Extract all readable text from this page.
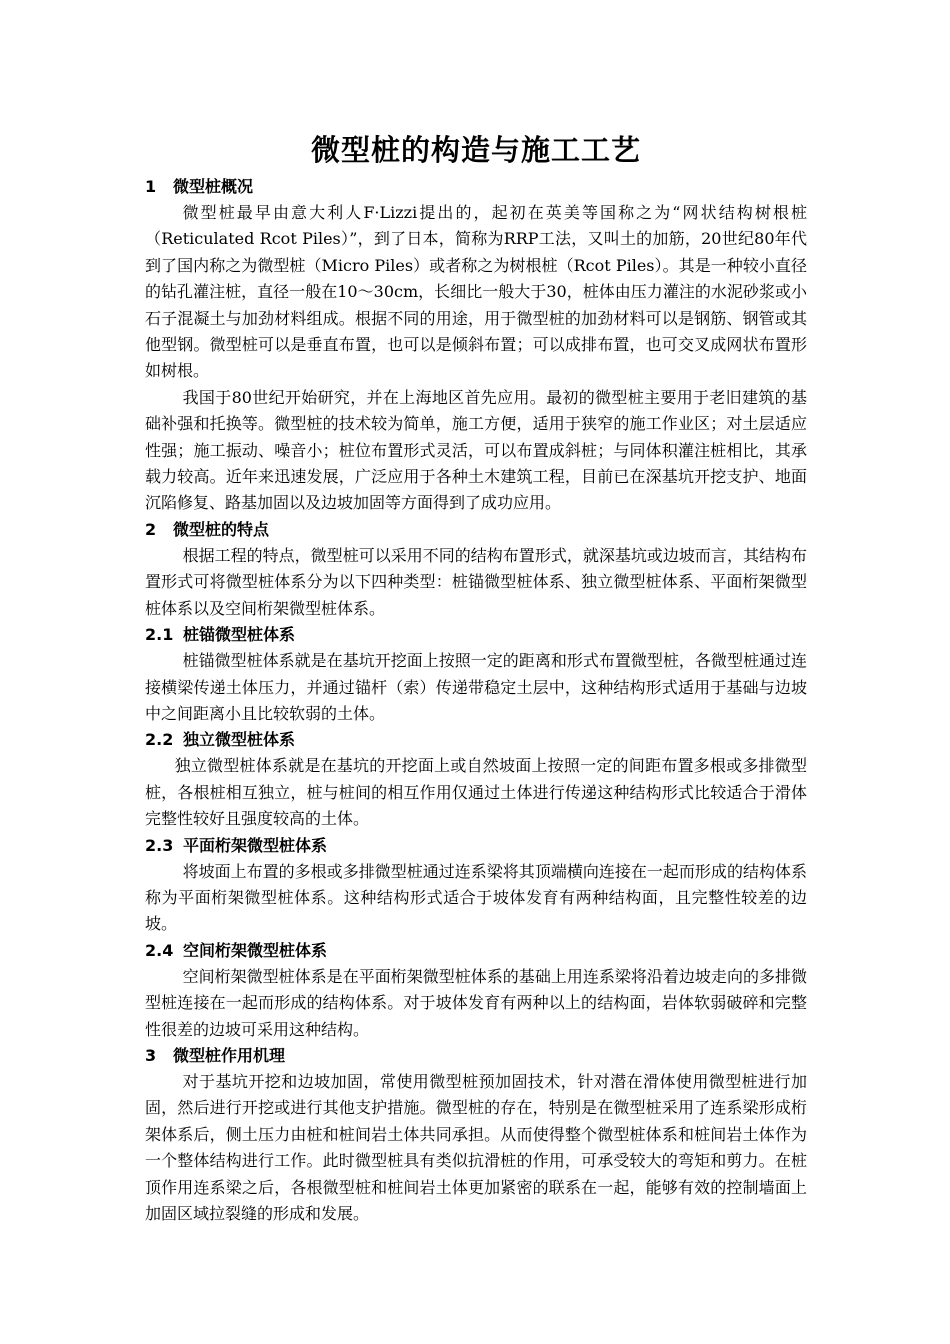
微型桩的构造与施工工艺
1 微型桩概况

微型桩最早由意大利人F·Lizzi提出的，起初在英美等国称之为“网状结构树根桩（Reticulated Rcot Piles）”，到了日本，简称为RRP工法，又叫土的加筋，20世纪80年代到了国内称之为微型桩（Micro Piles）或者称之为树根桩（Rcot Piles）。其是一种较小直径的钻孔灌注桩，直径一般在10～30cm，长细比一般大于30，桩体由压力灌注的水泥砂浆或小石子混凝土与加劲材料组成。根据不同的用途，用于微型桩的加劲材料可以是钢筋、钢管或其他型钢。微型桩可以是垂直布置，也可以是倾斜布置；可以成排布置，也可交叉成网状布置形如树根。

我国于80世纪开始研究，并在上海地区首先应用。最初的微型桩主要用于老旧建筑的基础补强和托换等。微型桩的技术较为简单，施工方便，适用于狭窄的施工作业区；对土层适应性强；施工振动、噪音小；桩位布置形式灵活，可以布置成斜桩；与同体积灌注桩相比，其承载力较高。近年来迅速发展，广泛应用于各种土木建筑工程，目前已在深基坑开挖支护、地面沉陷修复、路基加固以及边坡加固等方面得到了成功应用。

2 微型桩的特点

根据工程的特点，微型桩可以采用不同的结构布置形式，就深基坑或边坡而言，其结构布置形式可将微型桩体系分为以下四种类型：桩锚微型桩体系、独立微型桩体系、平面桁架微型桩体系以及空间桁架微型桩体系。

2.1 桩锚微型桩体系

桩锚微型桩体系就是在基坑开挖面上按照一定的距离和形式布置微型桩，各微型桩通过连接横梁传递土体压力，并通过锚杆（索）传递带稳定土层中，这种结构形式适用于基础与边坡中之间距离小且比较软弱的土体。

2.2 独立微型桩体系

独立微型桩体系就是在基坑的开挖面上或自然坡面上按照一定的间距布置多根或多排微型桩，各根桩相互独立，桩与桩间的相互作用仅通过土体进行传递这种结构形式比较适合于滑体完整性较好且强度较高的土体。

2.3 平面桁架微型桩体系

将坡面上布置的多根或多排微型桩通过连系梁将其顶端横向连接在一起而形成的结构体系称为平面桁架微型桩体系。这种结构形式适合于坡体发育有两种结构面，且完整性较差的边坡。

2.4 空间桁架微型桩体系

空间桁架微型桩体系是在平面桁架微型桩体系的基础上用连系梁将沿着边坡走向的多排微型桩连接在一起而形成的结构体系。对于坡体发育有两种以上的结构面，岩体软弱破碎和完整性很差的边坡可采用这种结构。

3 微型桩作用机理

对于基坑开挖和边坡加固，常使用微型桩预加固技术，针对潜在滑体使用微型桩进行加固，然后进行开挖或进行其他支护措施。微型桩的存在，特别是在微型桩采用了连系梁形成桁架体系后，侧土压力由桩和桩间岩土体共同承担。从而使得整个微型桩体系和桩间岩土体作为一个整体结构进行工作。此时微型桩具有类似抗滑桩的作用，可承受较大的弯矩和剪力。在桩顶作用连系梁之后，各根微型桩和桩间岩土体更加紧密的联系在一起，能够有效的控制墙面上加固区域拉裂缝的形成和发展。
